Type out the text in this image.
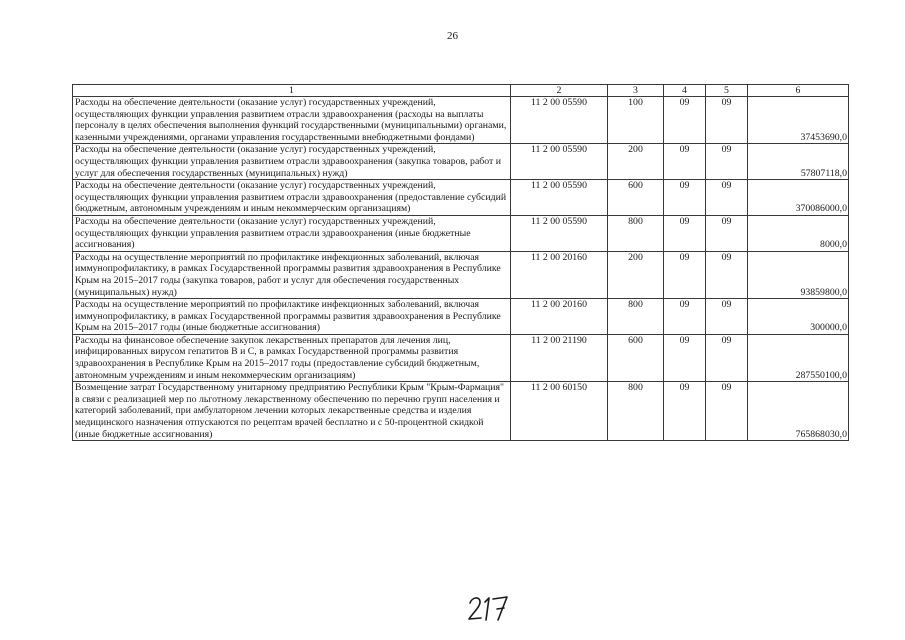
26
1	2	3	4	5	6
Расходы на обеспечение деятельности (оказание услуг) государственных учреждений, осуществляющих функции управления развитием отрасли здравоохранения (расходы на выплаты персоналу в целях обеспечения выполнения функций государственными (муниципальными) органами, казенными учреждениями, органами управления государственными внебюджетными фондами)	11 2 00 05590	100	09	09	37453690,0
Расходы на обеспечение деятельности (оказание услуг) государственных учреждений, осуществляющих функции управления развитием отрасли здравоохранения (закупка товаров, работ и услуг для обеспечения государственных (муниципальных) нужд)	11 2 00 05590	200	09	09	57807118,0
Расходы на обеспечение деятельности (оказание услуг) государственных учреждений, осуществляющих функции управления развитием отрасли здравоохранения (предоставление субсидий бюджетным, автономным учреждениям и иным некоммерческим организациям)	11 2 00 05590	600	09	09	370086000,0
Расходы на обеспечение деятельности (оказание услуг) государственных учреждений, осуществляющих функции управления развитием отрасли здравоохранения (иные бюджетные ассигнования)	11 2 00 05590	800	09	09	8000,0
Расходы на осуществление мероприятий по профилактике инфекционных заболеваний, включая иммунопрофилактику, в рамках Государственной программы развития здравоохранения в Республике Крым на 2015–2017 годы (закупка товаров, работ и услуг для обеспечения государственных (муниципальных) нужд)	11 2 00 20160	200	09	09	93859800,0
Расходы на осуществление мероприятий по профилактике инфекционных заболеваний, включая иммунопрофилактику, в рамках Государственной программы развития здравоохранения в Республике Крым на 2015–2017 годы (иные бюджетные ассигнования)	11 2 00 20160	800	09	09	300000,0
Расходы на финансовое обеспечение закупок лекарственных препаратов для лечения лиц, инфицированных вирусом гепатитов В и С, в рамках Государственной программы развития здравоохранения в Республике Крым на 2015–2017 годы (предоставление субсидий бюджетным, автономным учреждениям и иным некоммерческим организациям)	11 2 00 21190	600	09	09	287550100,0
Возмещение затрат Государственному унитарному предприятию Республики Крым "Крым-Фармация" в связи с реализацией мер по льготному лекарственному обеспечению по перечню групп населения и категорий заболеваний, при амбулаторном лечении которых лекарственные средства и изделия медицинского назначения отпускаются по рецептам врачей бесплатно и с 50-процентной скидкой (иные бюджетные ассигнования)	11 2 00 60150	800	09	09	765868030,0
